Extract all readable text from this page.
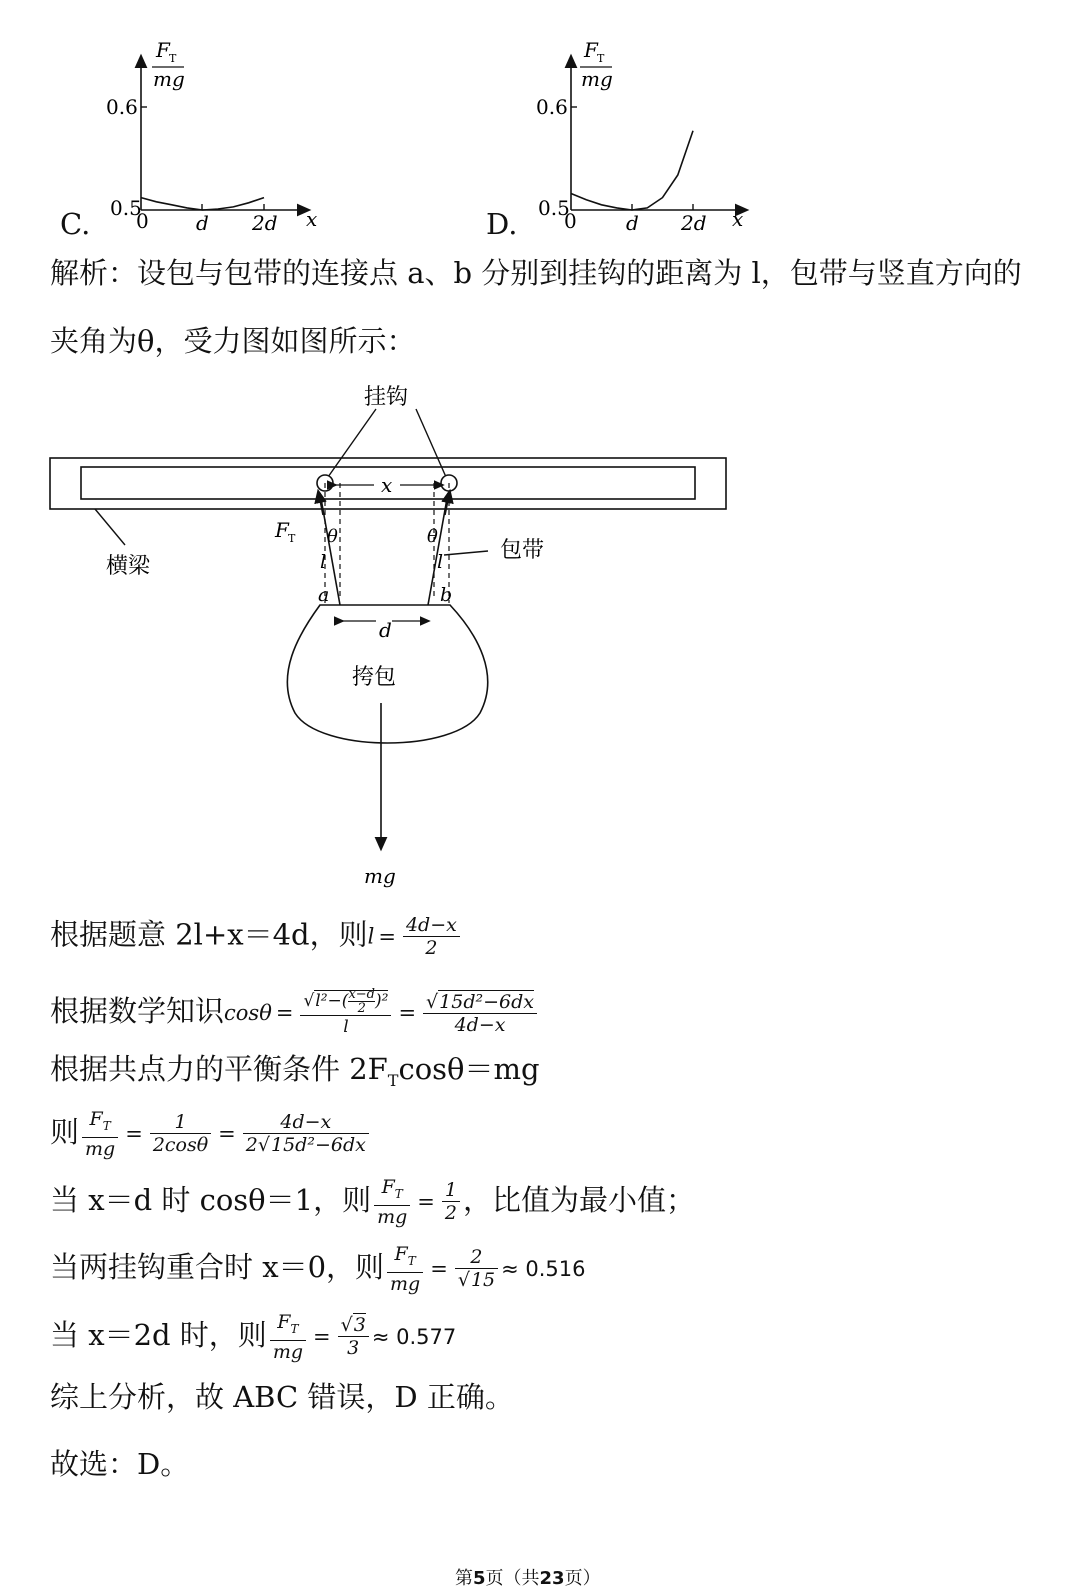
F T
mg
0.6
0.5
0 d 2d x
C.
F T
mg
0.6
0.5
0 d 2d x
D.
解析：设包与包带的连接点 a、b 分别到挂钩的距离为 l，包带与竖直方向的
夹角为θ，受力图如图所示：
挂钩
x
横梁
F T θ	θ
l	l	包带
a	b
d
挎包
mg
根据题意 2l+x＝4d，则$l = \frac{4d-x}{2}$
根据数学知识$\cos\theta = \frac{√l^2-( \frac{x-d}{2} )^2}{l} = \frac{\text{√15d²−6dx}}{4d-x}$
根据共点力的平衡条件 $2F_T\cos\theta=mg$
则 $\frac{F_T}{mg} = \frac{1}{2\cos\theta} = \frac{4d-x}{\text{2√15d²−6dx}}$
当 x＝d 时 cosθ＝1，则 $\frac{F_T}{mg} = \frac{1}{2}$ ，比值为最小值；
当两挂钩重合时 x＝0，则 $\frac{F_T}{mg} = \frac{2}{√15} \approx 0.516$
当 x＝2d 时，则 $\frac{F_T}{mg} = \frac{√3}{3} \approx 0.577$
综上分析，故 ABC 错误，D 正确。
故选：D。
第5页（共23页）
